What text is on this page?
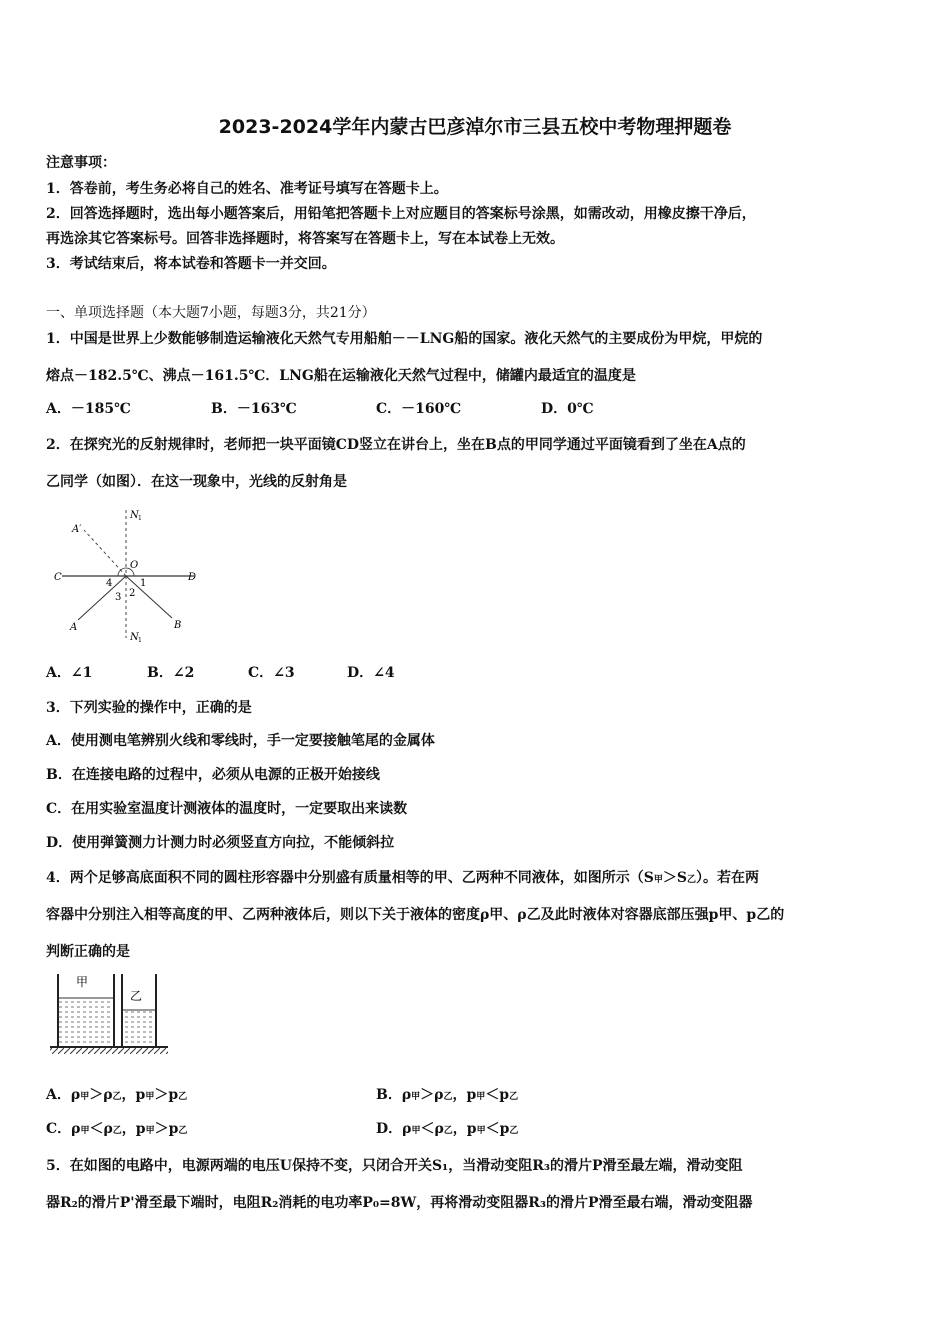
2023-2024学年内蒙古巴彦淖尔市三县五校中考物理押题卷
注意事项：
1．答卷前，考生务必将自己的姓名、准考证号填写在答题卡上。
2．回答选择题时，选出每小题答案后，用铅笔把答题卡上对应题目的答案标号涂黑，如需改动，用橡皮擦干净后，
再选涂其它答案标号。回答非选择题时，将答案写在答题卡上，写在本试卷上无效。
3．考试结束后，将本试卷和答题卡一并交回。
一、单项选择题（本大题7小题，每题3分，共21分）
1．中国是世界上少数能够制造运输液化天然气专用船舶－－LNG船的国家。液化天然气的主要成份为甲烷，甲烷的
熔点－182.5℃、沸点－161.5℃．LNG船在运输液化天然气过程中，储罐内最适宜的温度是
A．－185℃	B．－163℃	C．－160℃	D．0℃
2．在探究光的反射规律时，老师把一块平面镜CD竖立在讲台上，坐在B点的甲同学通过平面镜看到了坐在A点的
乙同学（如图）．在这一现象中，光线的反射角是
A′
N 1
C	D
O
1
2
3
4
A	B
N 1
A．∠1	B．∠2	C．∠3	D．∠4
3．下列实验的操作中，正确的是
A．使用测电笔辨别火线和零线时，手一定要接触笔尾的金属体
B．在连接电路的过程中，必须从电源的正极开始接线
C．在用实验室温度计测液体的温度时，一定要取出来读数
D．使用弹簧测力计测力时必须竖直方向拉，不能倾斜拉
4．两个足够高底面积不同的圆柱形容器中分别盛有质量相等的甲、乙两种不同液体，如图所示（S甲＞S乙）。若在两
容器中分别注入相等高度的甲、乙两种液体后，则以下关于液体的密度ρ甲、ρ乙及此时液体对容器底部压强p甲、p乙的
判断正确的是
甲
乙
A．ρ甲＞ρ乙，p甲＞p乙	B．ρ甲＞ρ乙，p甲＜p乙
C．ρ甲＜ρ乙，p甲＞p乙	D．ρ甲＜ρ乙，p甲＜p乙
5．在如图的电路中，电源两端的电压U保持不变，只闭合开关S₁，当滑动变阻R₃的滑片P滑至最左端，滑动变阻
器R₂的滑片P'滑至最下端时，电阻R₂消耗的电功率P₀=8W，再将滑动变阻器R₃的滑片P滑至最右端，滑动变阻器
